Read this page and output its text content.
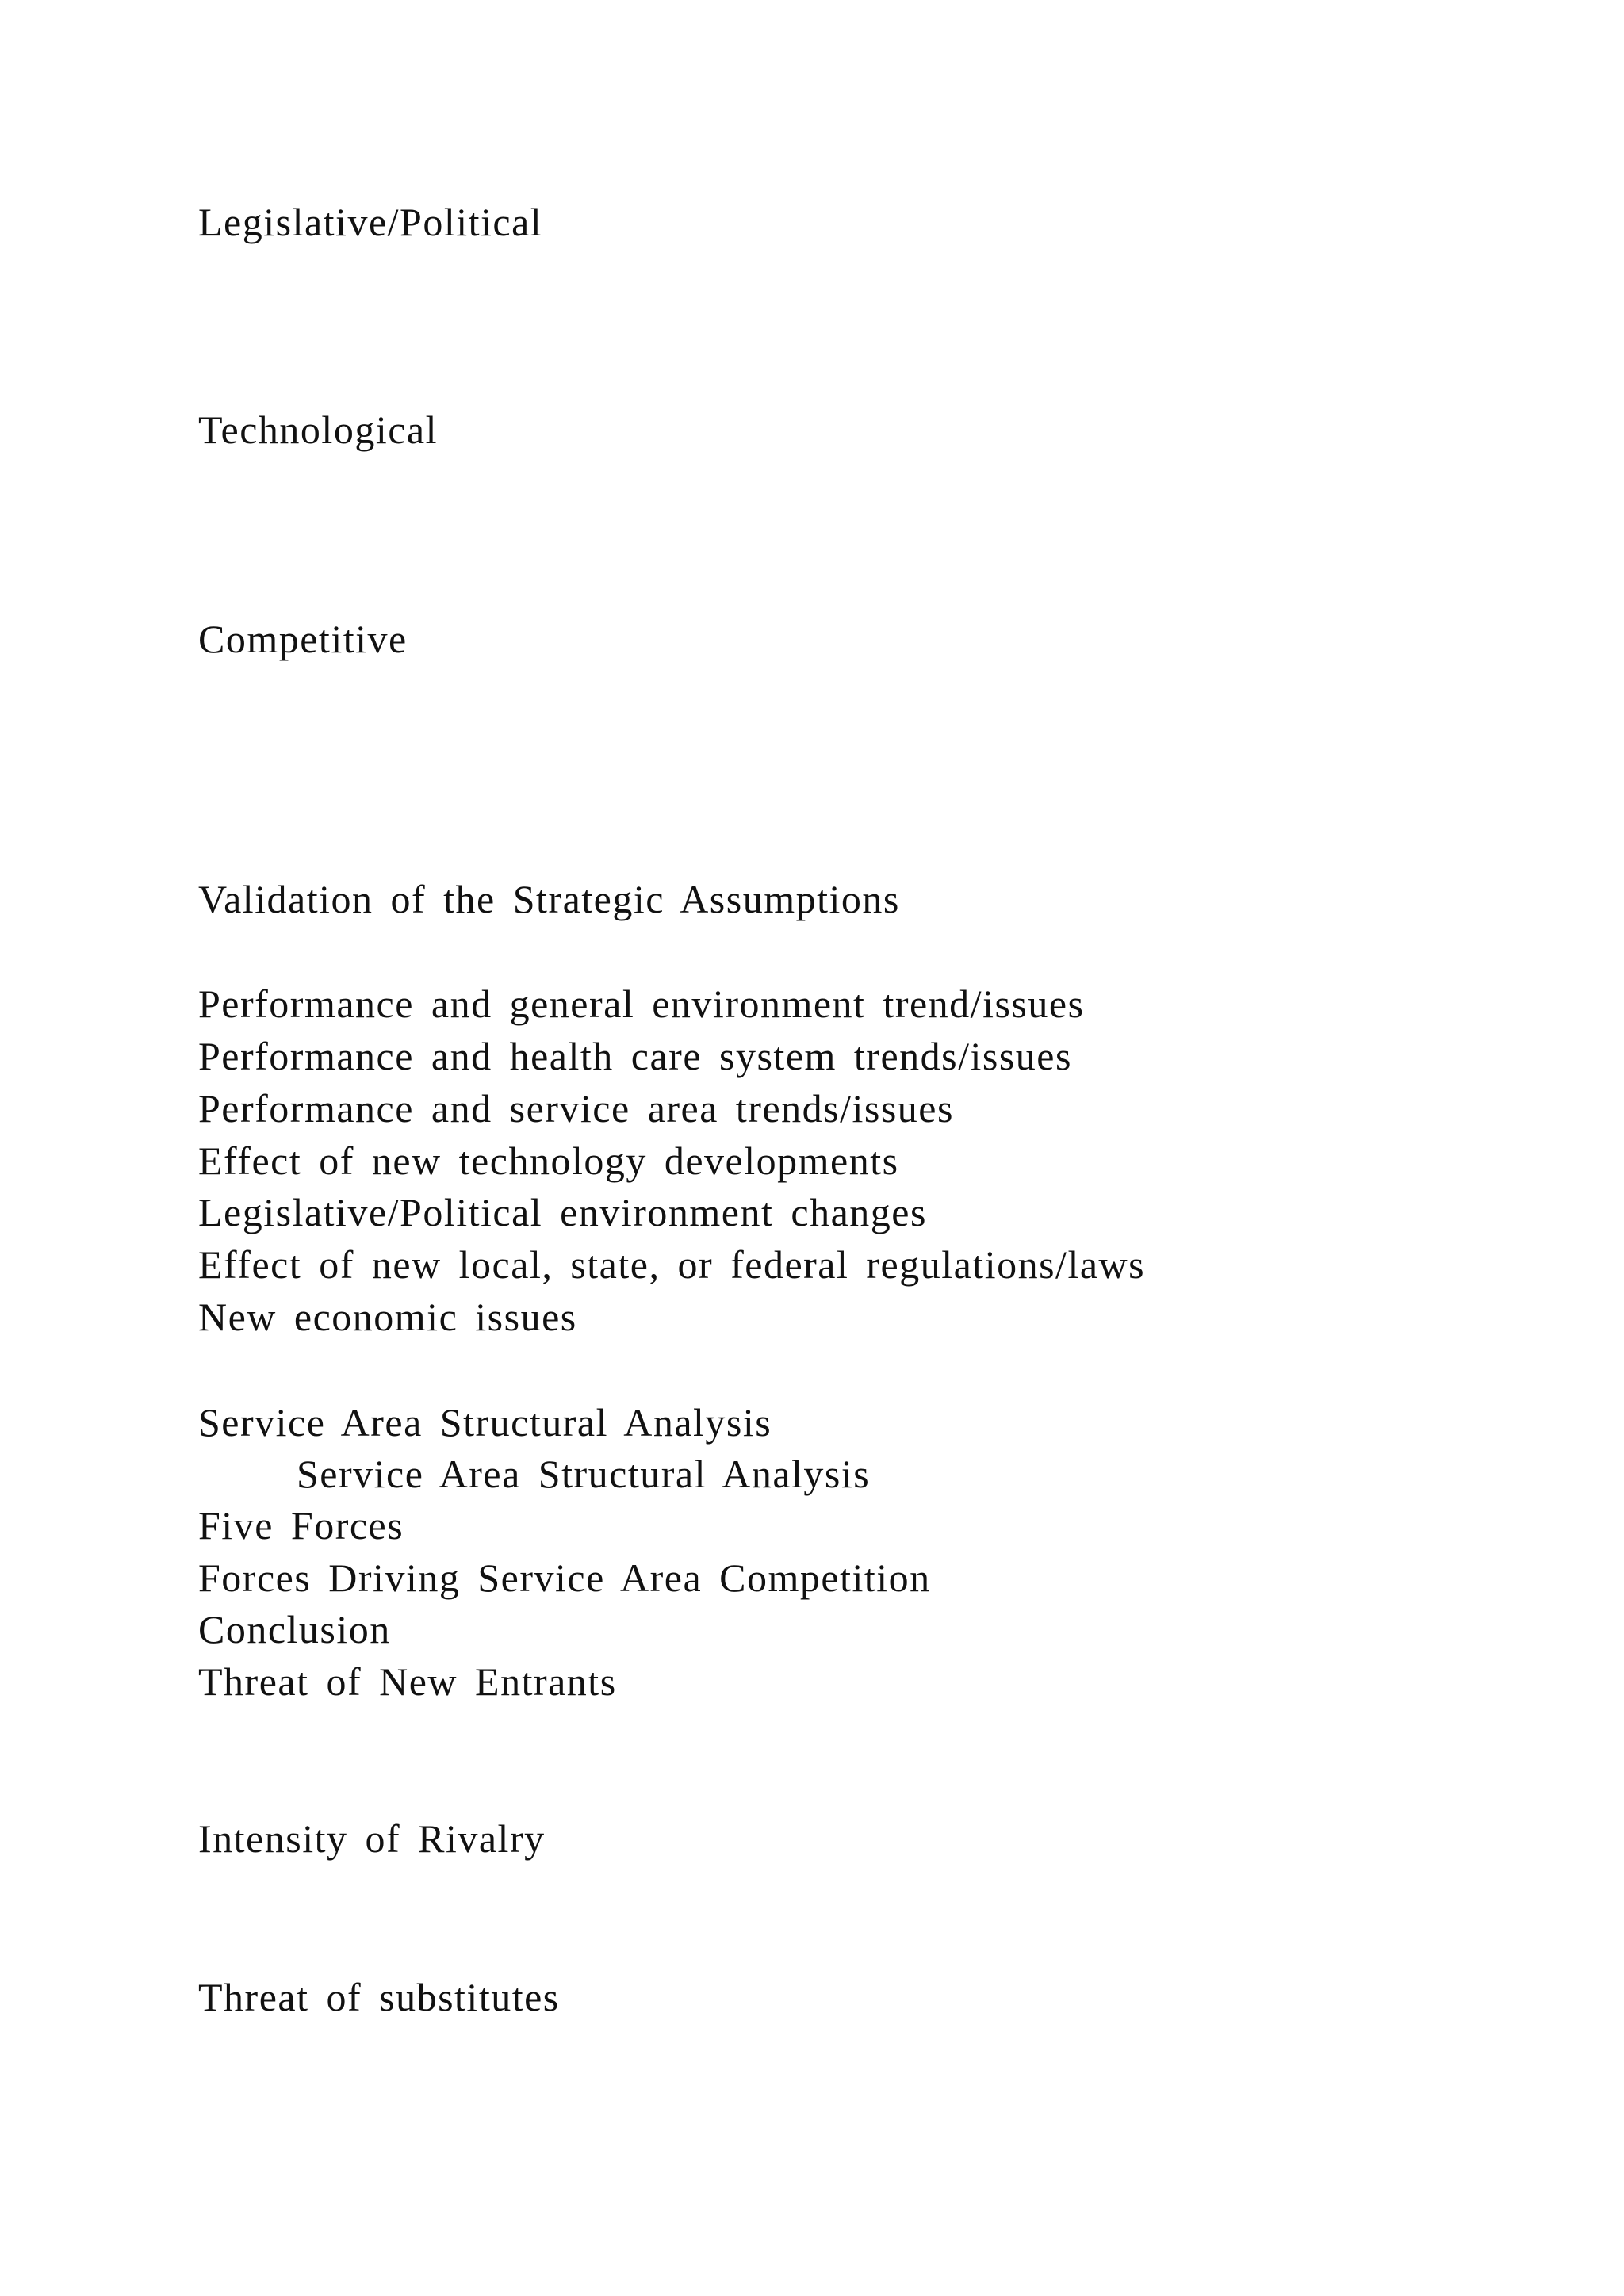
Legislative/Political
Technological
Competitive
Validation of the Strategic Assumptions
Performance and general environment trend/issues
Performance and health care system trends/issues
Performance and service area trends/issues
Effect of new technology developments
Legislative/Political environment changes
Effect of new local, state, or federal regulations/laws
New economic issues
Service Area Structural Analysis
Service Area Structural Analysis
Five Forces
Forces Driving Service Area Competition
Conclusion
Threat of New Entrants
Intensity of Rivalry
Threat of substitutes
